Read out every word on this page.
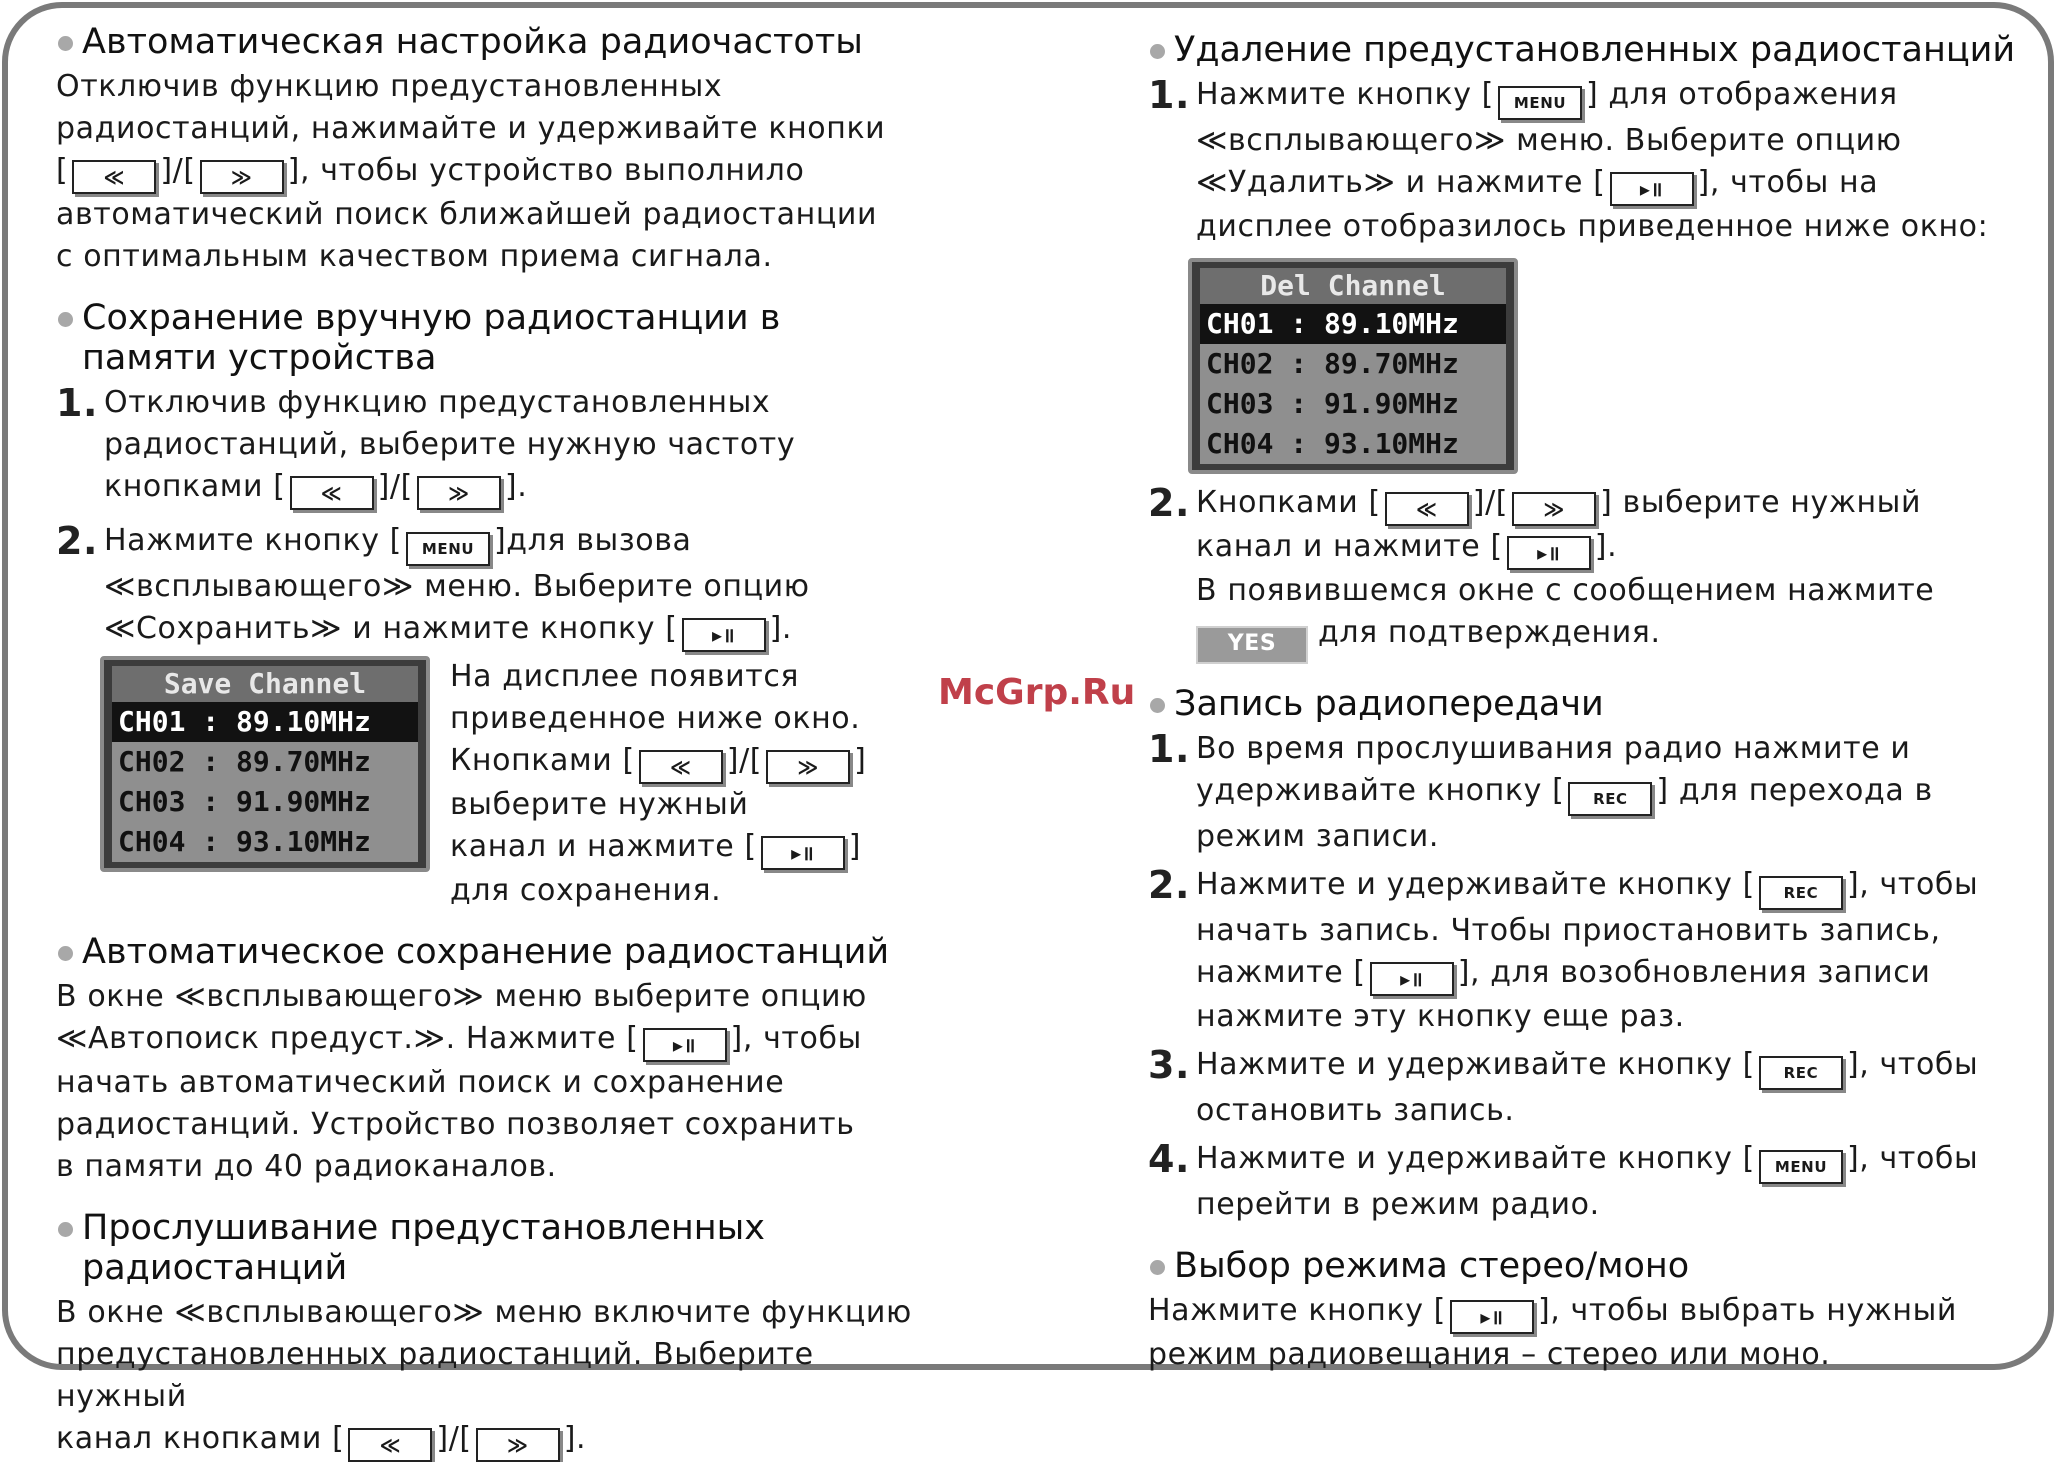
Автоматическая настройка радиочастоты

Отключив функцию предустановленных
радиостанций, нажимайте и удерживайте кнопки
[ ≪ ]/[ ≫ ], чтобы устройство выполнило
автоматический поиск ближайшей радиостанции
с оптимальным качеством приема сигнала.

Сохранение вручную радиостанции в
памяти устройства
1. Отключив функцию предустановленных
радиостанций, выберите нужную частоту
кнопками [ ≪ ]/[ ≫ ].
2. Нажмите кнопку [ MENU ]для вызова
≪всплывающего≫ меню. Выберите опцию
≪Сохранить≫ и нажмите кнопку [ ▸॥ ].
Save Channel
CH01 : 89.10MHz
CH02 : 89.70MHz
CH03 : 91.90MHz
CH04 : 93.10MHz
На дисплее появится
приведенное ниже окно.
Кнопками [ ≪ ]/[ ≫ ]
выберите нужный
канал и нажмите [ ▸॥ ]
для сохранения.
Автоматическое сохранение радиостанций

В окне ≪всплывающего≫ меню выберите опцию
≪Автопоиск предуст.≫. Нажмите [ ▸॥ ], чтобы
начать автоматический поиск и сохранение
радиостанций. Устройство позволяет сохранить
в памяти до 40 радиоканалов.

Прослушивание предустановленных радиостанций

В окне ≪всплывающего≫ меню включите функцию
предустановленных радиостанций. Выберите нужный
канал кнопками [ ≪ ]/[ ≫ ].

Удаление предустановленных радиостанций
1. Нажмите кнопку [ MENU ] для отображения
≪всплывающего≫ меню. Выберите опцию
≪Удалить≫ и нажмите [ ▸॥ ], чтобы на
дисплее отобразилось приведенное ниже окно:
Del Channel
CH01 : 89.10MHz
CH02 : 89.70MHz
CH03 : 91.90MHz
CH04 : 93.10MHz
2. Кнопками [ ≪ ]/[ ≫ ] выберите нужный
канал и нажмите [ ▸॥ ].
В появившемся окне с сообщением нажмите
YES для подтверждения.
Запись радиопередачи
1. Во время прослушивания радио нажмите и
удерживайте кнопку [ REC ] для перехода в
режим записи.
2. Нажмите и удерживайте кнопку [ REC ], чтобы
начать запись. Чтобы приостановить запись,
нажмите [ ▸॥ ], для возобновления записи
нажмите эту кнопку еще раз.
3. Нажмите и удерживайте кнопку [ REC ], чтобы
остановить запись.
4. Нажмите и удерживайте кнопку [ MENU ], чтобы
перейти в режим радио.
Выбор режима стерео/моно

Нажмите кнопку [ ▸॥ ], чтобы выбрать нужный
режим радиовещания – стерео или моно.

McGrp.Ru
